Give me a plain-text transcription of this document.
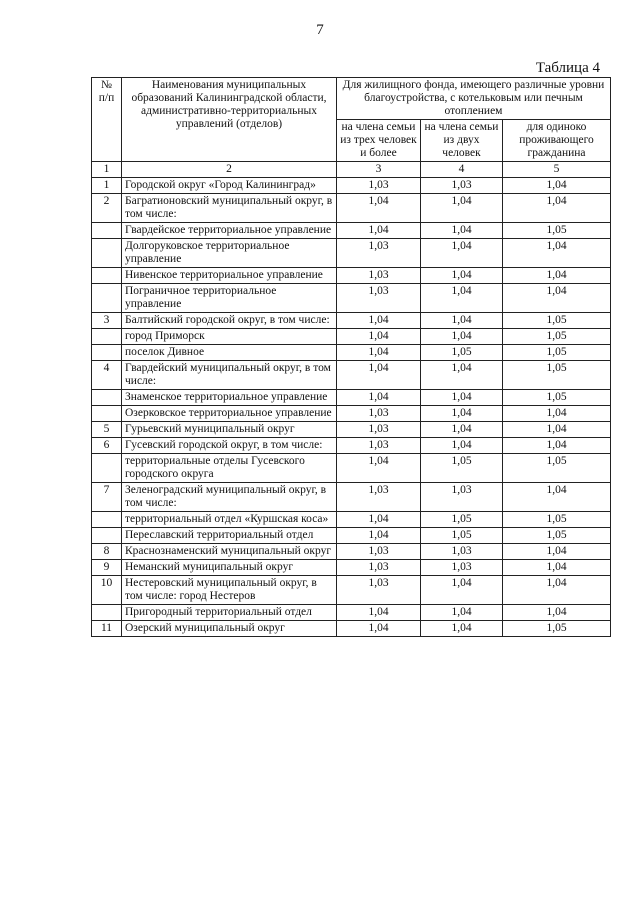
7
Таблица 4
№ п/п	Наименования муниципальных образований Калининградской области, административно-территориальных управлений (отделов)	Для жилищного фонда, имеющего различные уровни благоустройства, с котельковым или печным отоплением		
		на члена семьи из трех человек и более	на члена семьи из двух человек	для одиноко проживающего гражданина
1	2	3	4	5
1	Городской округ «Город Калининград»	1,03	1,03	1,04
2	Багратионовский муниципальный округ, в том числе:	1,04	1,04	1,04
	Гвардейское территориальное управление	1,04	1,04	1,05
	Долгоруковское территориальное управление	1,03	1,04	1,04
	Нивенское территориальное управление	1,03	1,04	1,04
	Пограничное территориальное управление	1,03	1,04	1,04
3	Балтийский городской округ, в том числе:	1,04	1,04	1,05
	город Приморск	1,04	1,04	1,05
	поселок Дивное	1,04	1,05	1,05
4	Гвардейский муниципальный округ, в том числе:	1,04	1,04	1,05
	Знаменское территориальное управление	1,04	1,04	1,05
	Озерковское территориальное управление	1,03	1,04	1,04
5	Гурьевский муниципальный округ	1,03	1,04	1,04
6	Гусевский городской округ, в том числе:	1,03	1,04	1,04
	территориальные отделы Гусевского городского округа	1,04	1,05	1,05
7	Зеленоградский муниципальный округ, в том числе:	1,03	1,03	1,04
	территориальный отдел «Куршская коса»	1,04	1,05	1,05
	Переславский территориальный отдел	1,04	1,05	1,05
8	Краснознаменский муниципальный округ	1,03	1,03	1,04
9	Неманский муниципальный округ	1,03	1,03	1,04
10	Нестеровский муниципальный округ, в том числе: город Нестеров	1,03	1,04	1,04
	Пригородный территориальный отдел	1,04	1,04	1,04
11	Озерский муниципальный округ	1,04	1,04	1,05
